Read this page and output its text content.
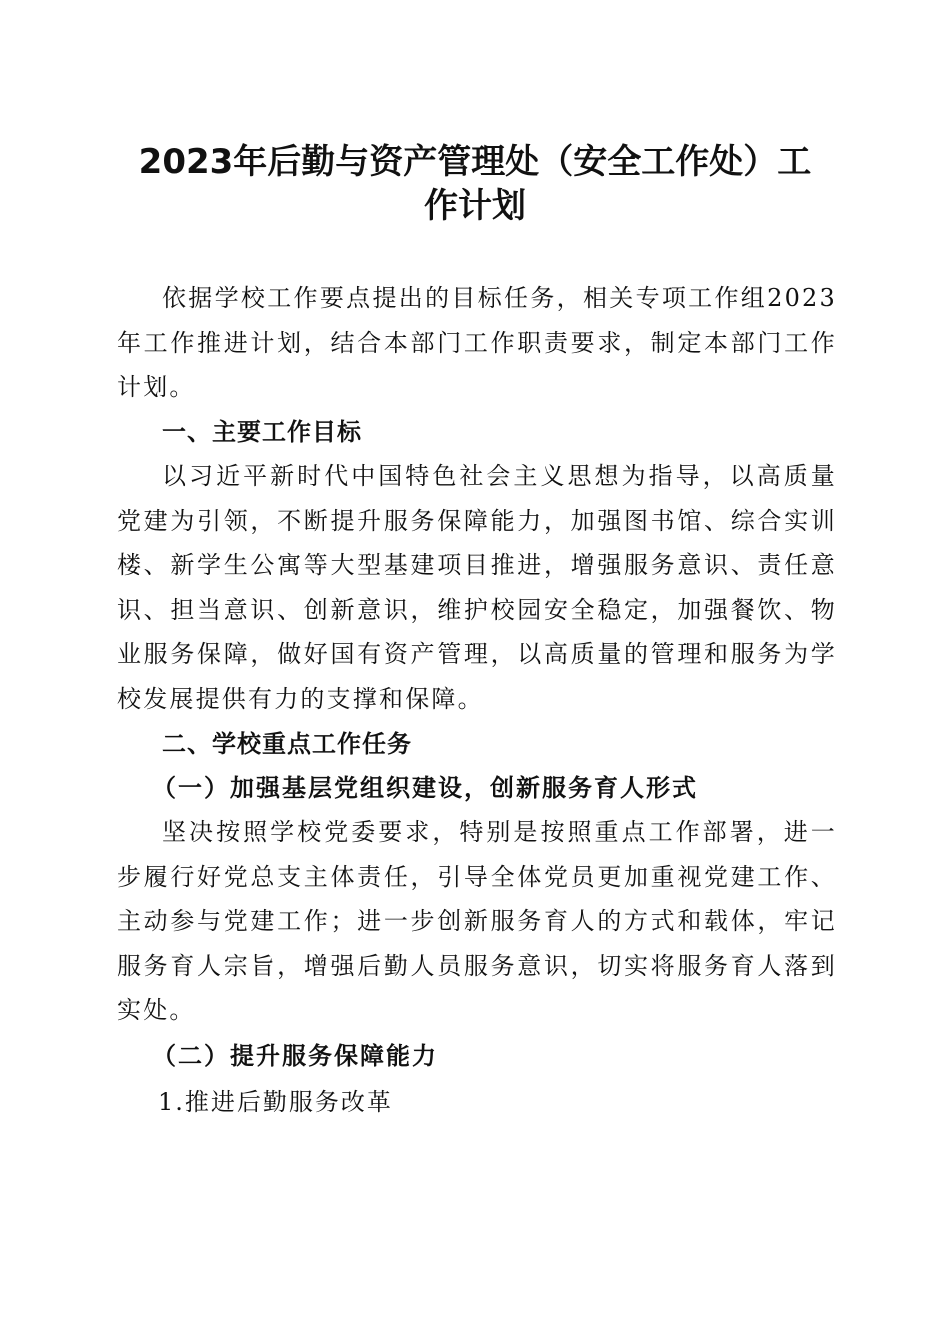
2023年后勤与资产管理处（安全工作处）工
作计划

依据学校工作要点提出的目标任务，相关专项工作组2023年工作推进计划，结合本部门工作职责要求，制定本部门工作计划。

一、主要工作目标

以习近平新时代中国特色社会主义思想为指导，以高质量党建为引领，不断提升服务保障能力，加强图书馆、综合实训楼、新学生公寓等大型基建项目推进，增强服务意识、责任意识、担当意识、创新意识，维护校园安全稳定，加强餐饮、物业服务保障，做好国有资产管理，以高质量的管理和服务为学校发展提供有力的支撑和保障。

二、学校重点工作任务
（一）加强基层党组织建设，创新服务育人形式

坚决按照学校党委要求，特别是按照重点工作部署，进一步履行好党总支主体责任，引导全体党员更加重视党建工作、主动参与党建工作；进一步创新服务育人的方式和载体，牢记服务育人宗旨，增强后勤人员服务意识，切实将服务育人落到实处。

（二）提升服务保障能力

1.推进后勤服务改革
